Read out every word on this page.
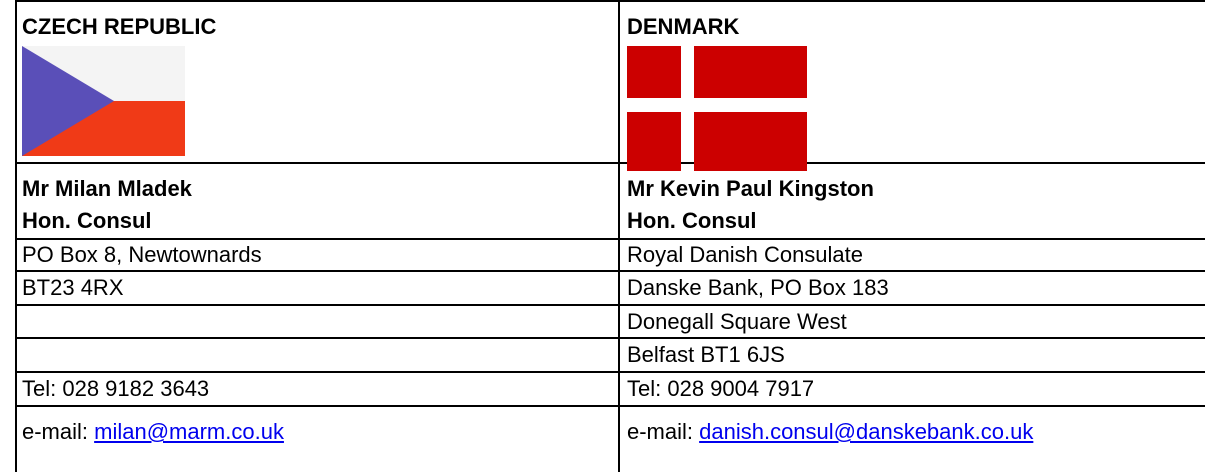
CZECH REPUBLIC
Mr Milan Mladek
Hon. Consul
PO Box 8, Newtownards
BT23 4RX
Tel: 028 9182 3643
e-mail: milan@marm.co.uk
DENMARK
Mr Kevin Paul Kingston
Hon. Consul
Royal Danish Consulate
Danske Bank, PO Box 183
Donegall Square West
Belfast BT1 6JS
Tel: 028 9004 7917
e-mail: danish.consul@danskebank.co.uk
